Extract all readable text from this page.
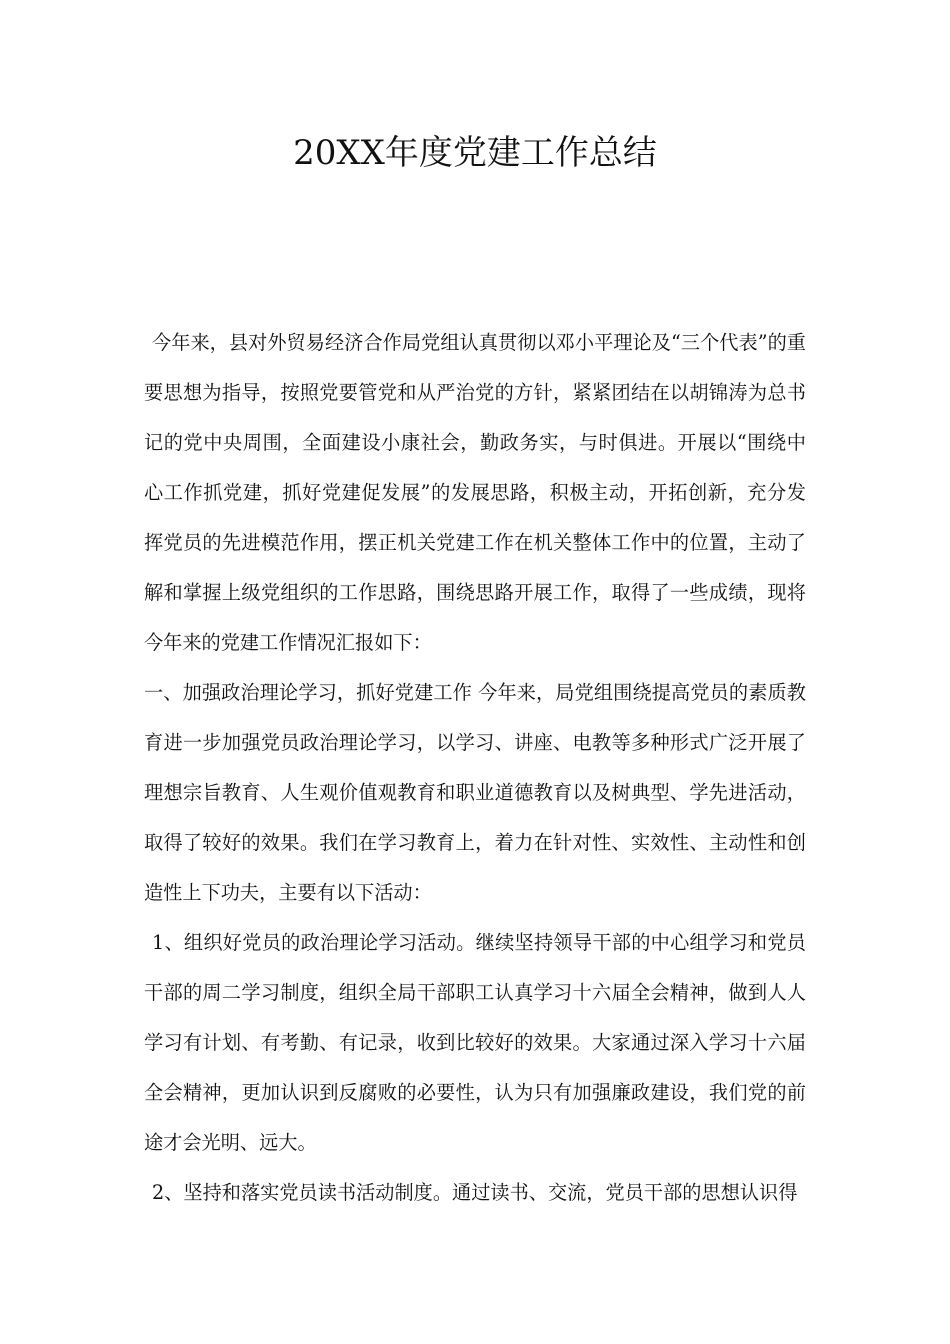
20XX年度党建工作总结

今年来，县对外贸易经济合作局党组认真贯彻以邓小平理论及“三个代表”的重要思想为指导，按照党要管党和从严治党的方针，紧紧团结在以胡锦涛为总书记的党中央周围，全面建设小康社会，勤政务实，与时俱进。开展以“围绕中心工作抓党建，抓好党建促发展”的发展思路，积极主动，开拓创新，充分发挥党员的先进模范作用，摆正机关党建工作在机关整体工作中的位置，主动了解和掌握上级党组织的工作思路，围绕思路开展工作，取得了一些成绩，现将今年来的党建工作情况汇报如下：

一、加强政治理论学习，抓好党建工作 今年来，局党组围绕提高党员的素质教育进一步加强党员政治理论学习，以学习、讲座、电教等多种形式广泛开展了理想宗旨教育、人生观价值观教育和职业道德教育以及树典型、学先进活动，取得了较好的效果。我们在学习教育上，着力在针对性、实效性、主动性和创造性上下功夫，主要有以下活动：

1、组织好党员的政治理论学习活动。继续坚持领导干部的中心组学习和党员干部的周二学习制度，组织全局干部职工认真学习十六届全会精神，做到人人学习有计划、有考勤、有记录，收到比较好的效果。大家通过深入学习十六届全会精神，更加认识到反腐败的必要性，认为只有加强廉政建设，我们党的前途才会光明、远大。

2、坚持和落实党员读书活动制度。通过读书、交流，党员干部的思想认识得
